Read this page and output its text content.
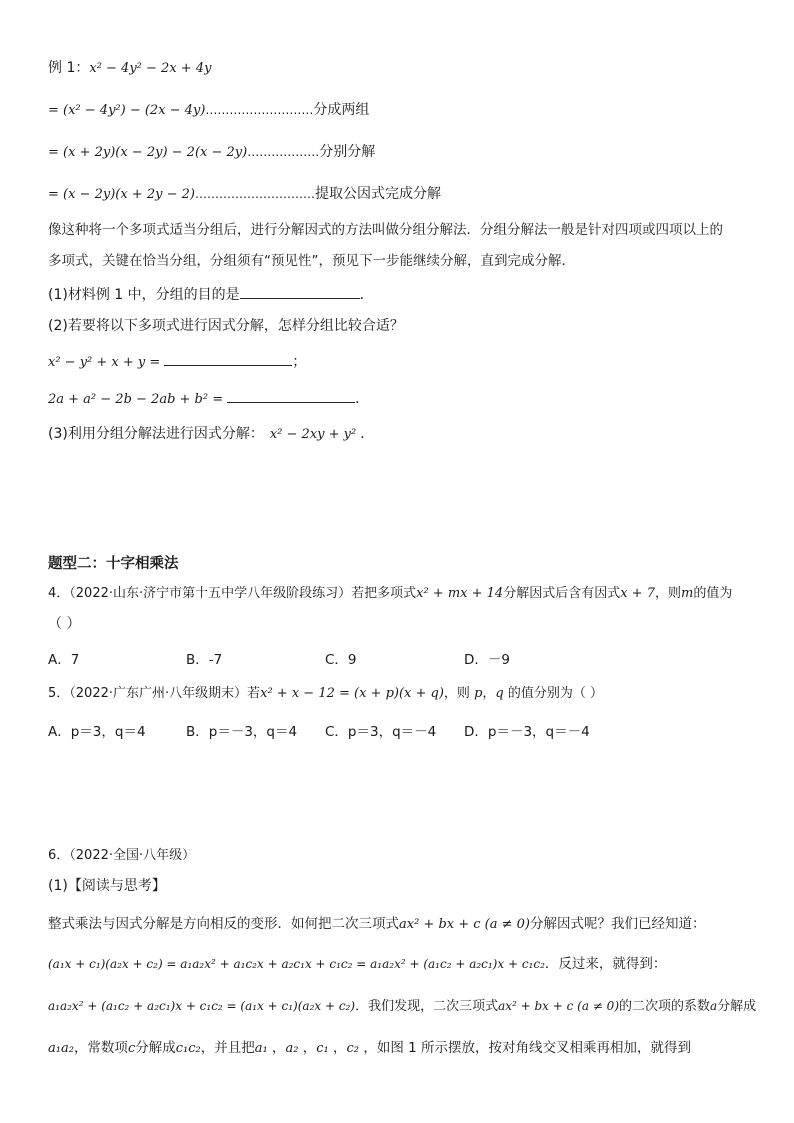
例 1：x² − 4y² − 2x + 4y
= (x² − 4y²) − (2x − 4y)………………………分成两组
= (x + 2y)(x − 2y) − 2(x − 2y)………………分别分解
= (x − 2y)(x + 2y − 2)…………………………提取公因式完成分解
像这种将一个多项式适当分组后，进行分解因式的方法叫做分组分解法．分组分解法一般是针对四项或四项以上的
多项式，关键在恰当分组，分组须有“预见性”，预见下一步能继续分解，直到完成分解．
(1)材料例 1 中，分组的目的是	．
(2)若要将以下多项式进行因式分解，怎样分组比较合适？
x² − y² + x + y =	；
2a + a² − 2b − 2ab + b² =	．
(3)利用分组分解法进行因式分解： x² − 2xy + y² ．
题型二：十字相乘法
4．（2022·山东·济宁市第十五中学八年级阶段练习）若把多项式x² + mx + 14分解因式后含有因式x + 7，则m的值为
（ ）
A．7	B．-7	C．9	D．－9
5．（2022·广东广州·八年级期末）若x² + x − 12 = (x + p)(x + q)，则 p，q 的值分别为（ ）
A．p＝3，q＝4	B．p＝－3，q＝4 C．p＝3，q＝－4 D．p＝－3，q＝－4
6．（2022·全国·八年级）
(1)【阅读与思考】
整式乘法与因式分解是方向相反的变形．如何把二次三项式ax² + bx + c (a ≠ 0)分解因式呢？我们已经知道：
(a₁x + c₁)(a₂x + c₂) = a₁a₂x² + a₁c₂x + a₂c₁x + c₁c₂ = a₁a₂x² + (a₁c₂ + a₂c₁)x + c₁c₂．反过来，就得到：
a₁a₂x² + (a₁c₂ + a₂c₁)x + c₁c₂ = (a₁x + c₁)(a₂x + c₂)．我们发现，二次三项式ax² + bx + c (a ≠ 0)的二次项的系数a分解成
a₁a₂，常数项c分解成c₁c₂，并且把a₁ ，a₂ ，c₁ ，c₂ ，如图 1 所示摆放，按对角线交叉相乘再相加，就得到
